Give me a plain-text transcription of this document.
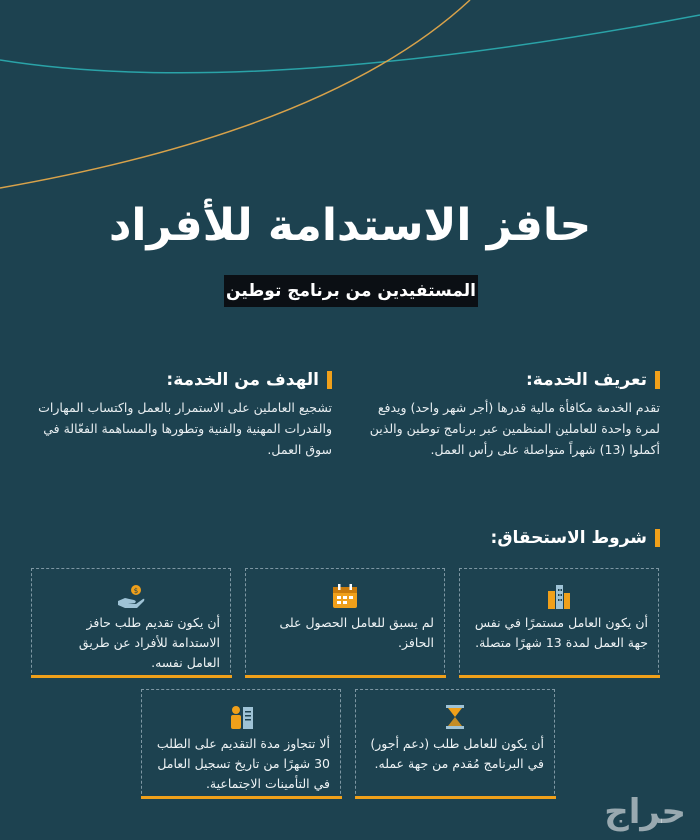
حافز الاستدامة للأفراد
المستفيدين من برنامج توطين
تعريف الخدمة:
تقدم الخدمة مكافأة مالية قدرها (أجر شهر واحد) ويدفع لمرة واحدة للعاملين المنظمين عبر برنامج توطين والذين أكملوا (13) شهراً متواصلة على رأس العمل.
الهدف من الخدمة:
تشجيع العاملين على الاستمرار بالعمل واكتساب المهارات والقدرات المهنية والفنية وتطورها والمساهمة الفعّالة في سوق العمل.
شروط الاستحقاق:
أن يكون العامل مستمرًا في نفس جهة العمل لمدة 13 شهرًا متصلة.
لم يسبق للعامل الحصول على الحافز.
$
أن يكون تقديم طلب حافز الاستدامة للأفراد عن طريق العامل نفسه.
أن يكون للعامل طلب (دعم أجور) في البرنامج مُقدم من جهة عمله.
ألا تتجاوز مدة التقديم على الطلب 30 شهرًا من تاريخ تسجيل العامل في التأمينات الاجتماعية.
حراج
